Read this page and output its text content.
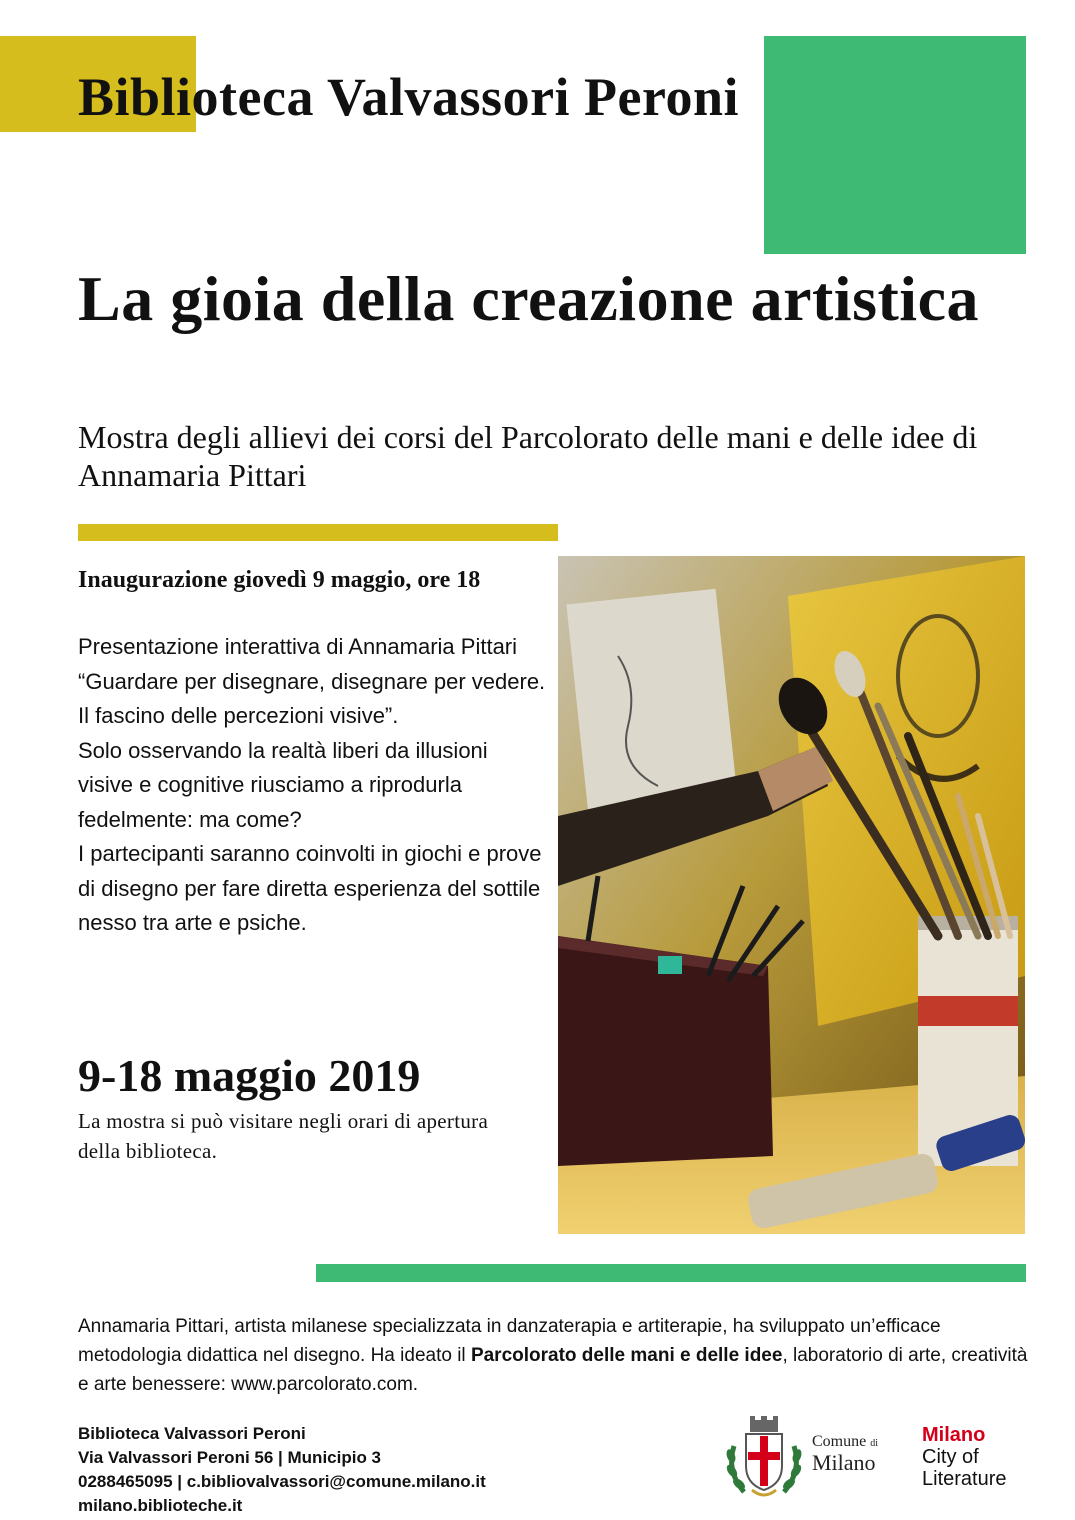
Biblioteca Valvassori Peroni
La gioia della creazione artistica
Mostra degli allievi dei corsi del Parcolorato delle mani e delle idee di Annamaria Pittari
Inaugurazione giovedì 9 maggio, ore 18

Presentazione interattiva di Annamaria Pittari “Guardare per disegnare, disegnare per vedere. Il fascino delle percezioni visive”.

Solo osservando la realtà liberi da illusioni visive e cognitive riusciamo a riprodurla fedelmente: ma come?

I partecipanti saranno coinvolti in giochi e prove di disegno per fare diretta esperienza del sottile nesso tra arte e psiche.

9-18 maggio 2019
La mostra si può visitare negli orari di apertura della biblioteca.
Annamaria Pittari, artista milanese specializzata in danzaterapia e artiterapie, ha sviluppato un’efficace metodologia didattica nel disegno. Ha ideato il Parcolorato delle mani e delle idee, laboratorio di arte, creatività e arte benessere: www.parcolorato.com.
Biblioteca Valvassori Peroni
Via Valvassori Peroni 56 | Municipio 3
0288465095 | c.bibliovalvassori@comune.milano.it
milano.biblioteche.it
Comune di
Milano
Milano
City of
Literature
